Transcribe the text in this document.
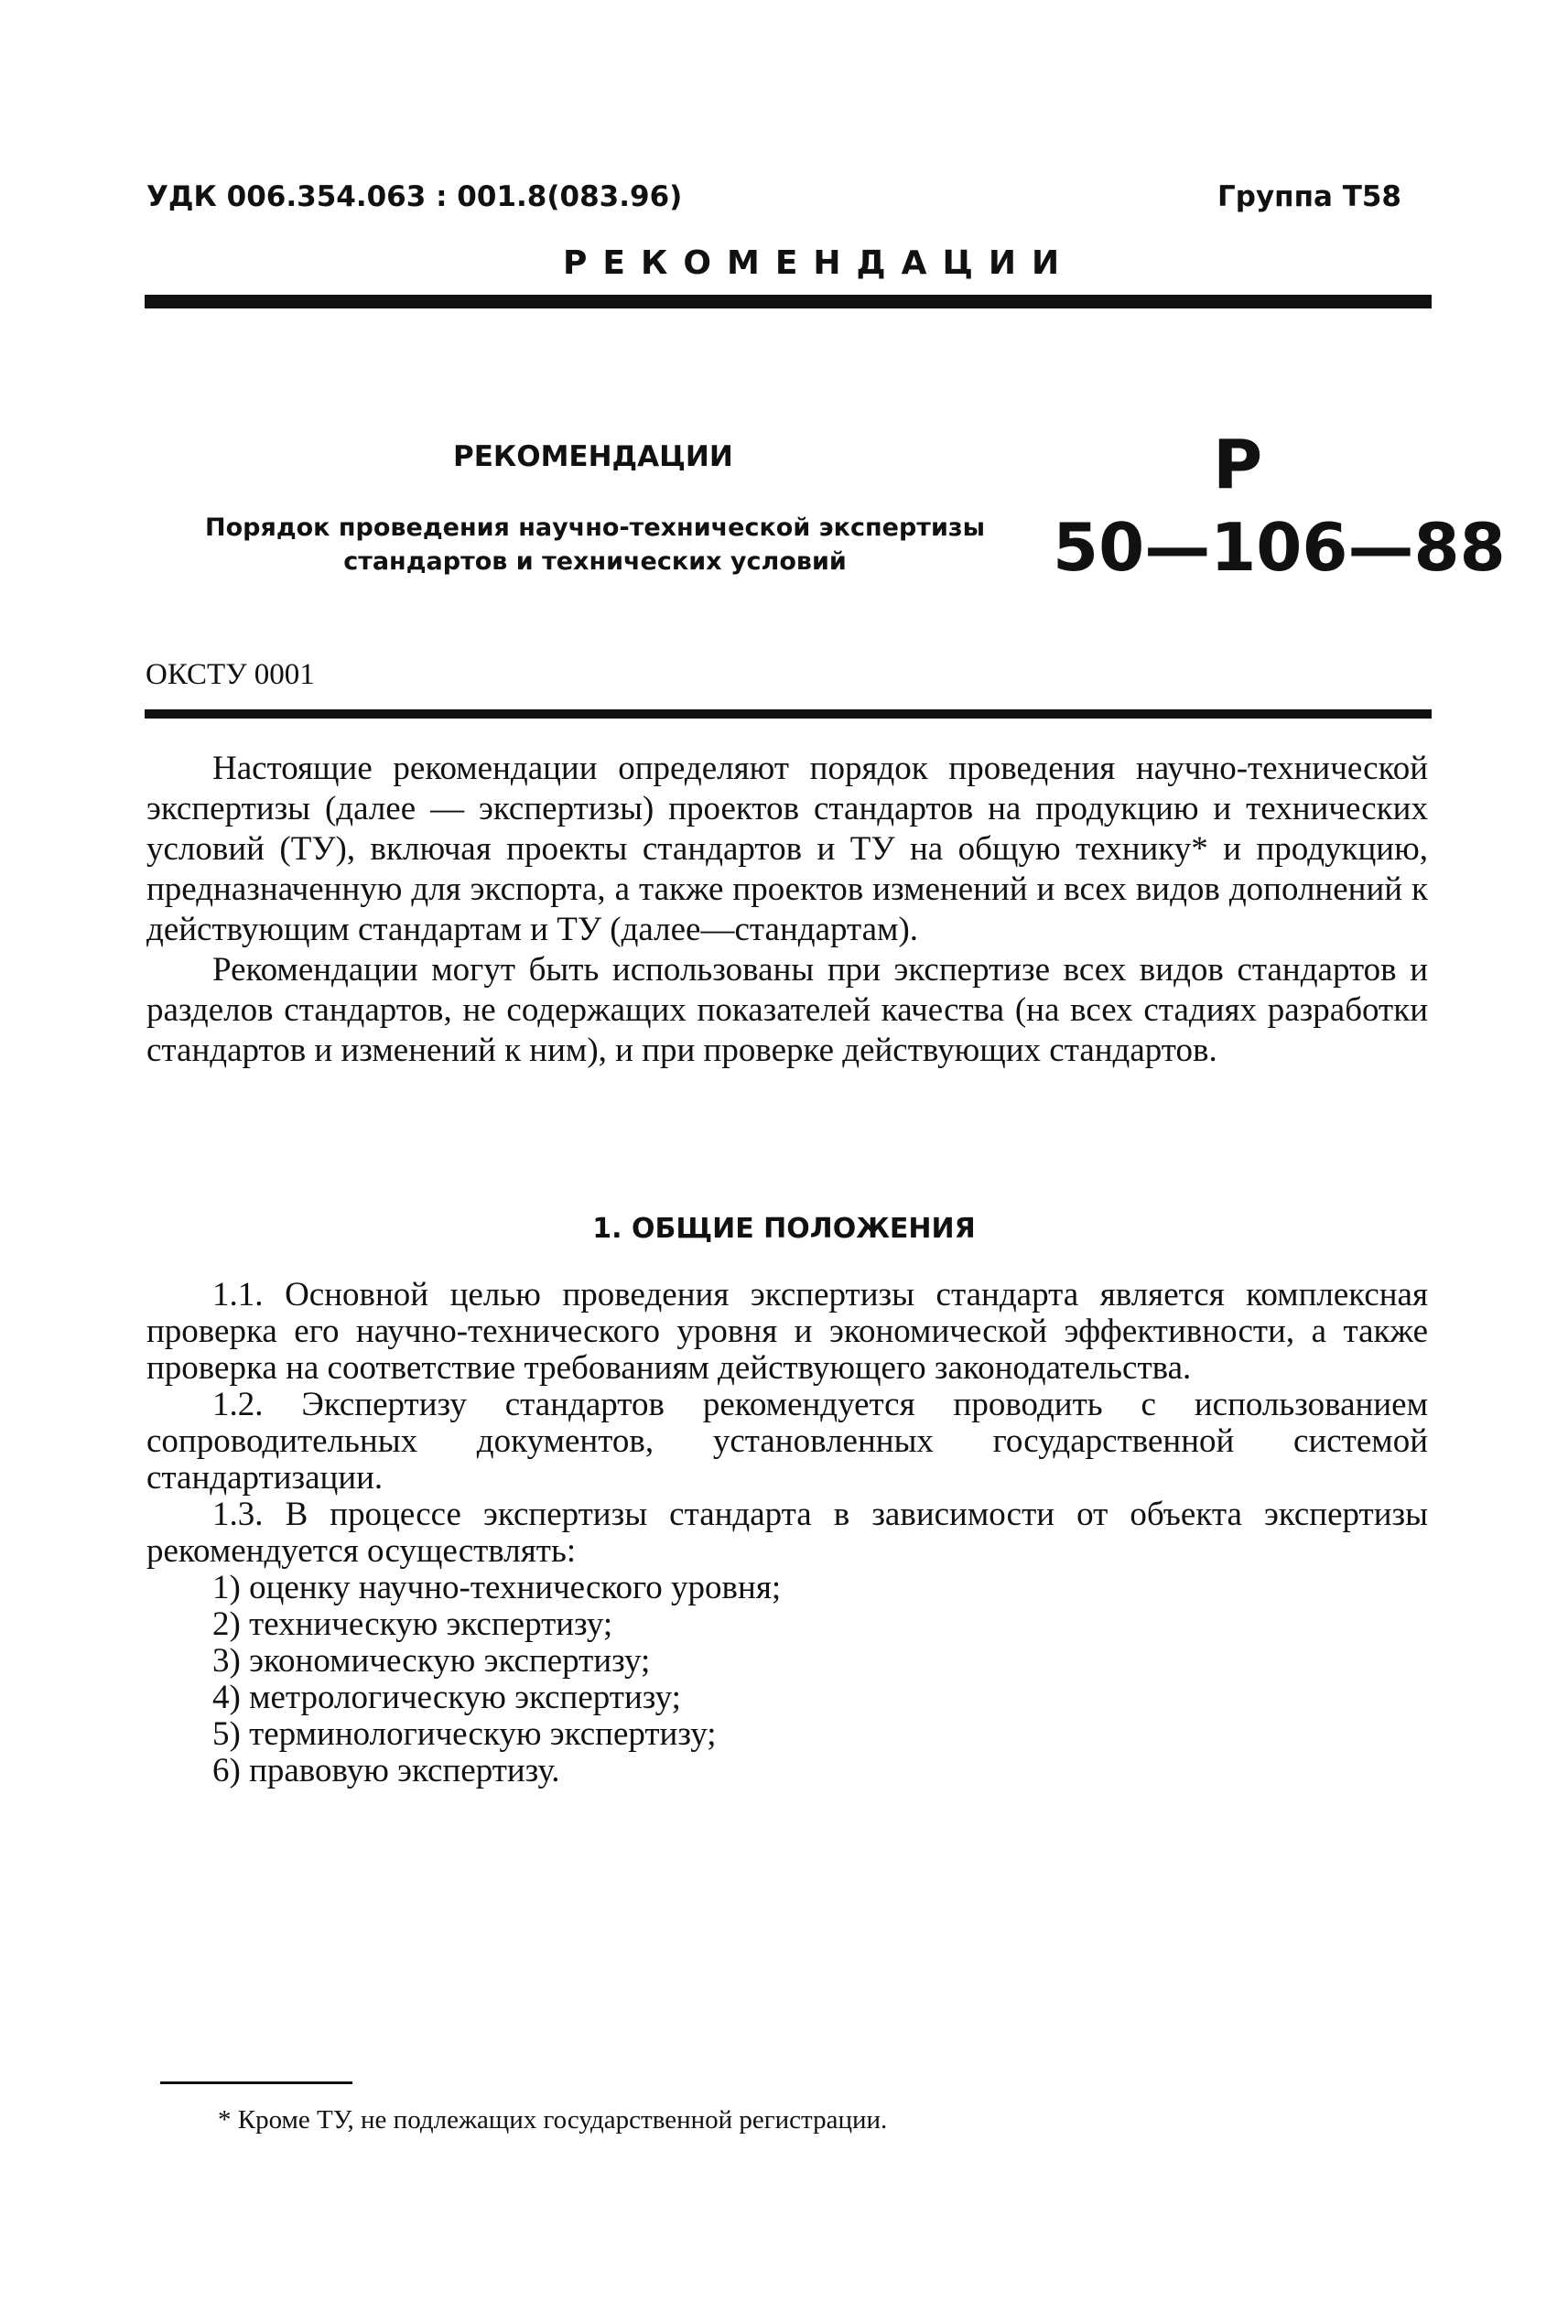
УДК 006.354.063 : 001.8(083.96)	Группа Т58
РЕКОМЕНДАЦИИ
РЕКОМЕНДАЦИИ
Порядок проведения научно-технической экспертизы
стандартов и технических условий
Р
50—106—88
ОКСТУ 0001

Настоящие рекомендации определяют порядок проведения научно-технической экспертизы (далее — экспертизы) проектов стандартов на продукцию и технических условий (ТУ), включая проекты стандартов и ТУ на общую технику* и продукцию, предназначенную для экспорта, а также проектов изменений и всех видов дополнений к действующим стандартам и ТУ (далее—стандартам).

Рекомендации могут быть использованы при экспертизе всех видов стандартов и разделов стандартов, не содержащих показателей качества (на всех стадиях разработки стандартов и изменений к ним), и при проверке действующих стандартов.

1. ОБЩИЕ ПОЛОЖЕНИЯ

1.1. Основной целью проведения экспертизы стандарта является комплексная проверка его научно-технического уровня и экономической эффективности, а также проверка на соответствие требованиям действующего законодательства.

1.2. Экспертизу стандартов рекомендуется проводить с использованием сопроводительных документов, установленных государственной системой стандартизации.

1.3. В процессе экспертизы стандарта в зависимости от объекта экспертизы рекомендуется осуществлять:

1) оценку научно-технического уровня;
2) техническую экспертизу;
3) экономическую экспертизу;
4) метрологическую экспертизу;
5) терминологическую экспертизу;
6) правовую экспертизу.
* Кроме ТУ, не подлежащих государственной регистрации.
